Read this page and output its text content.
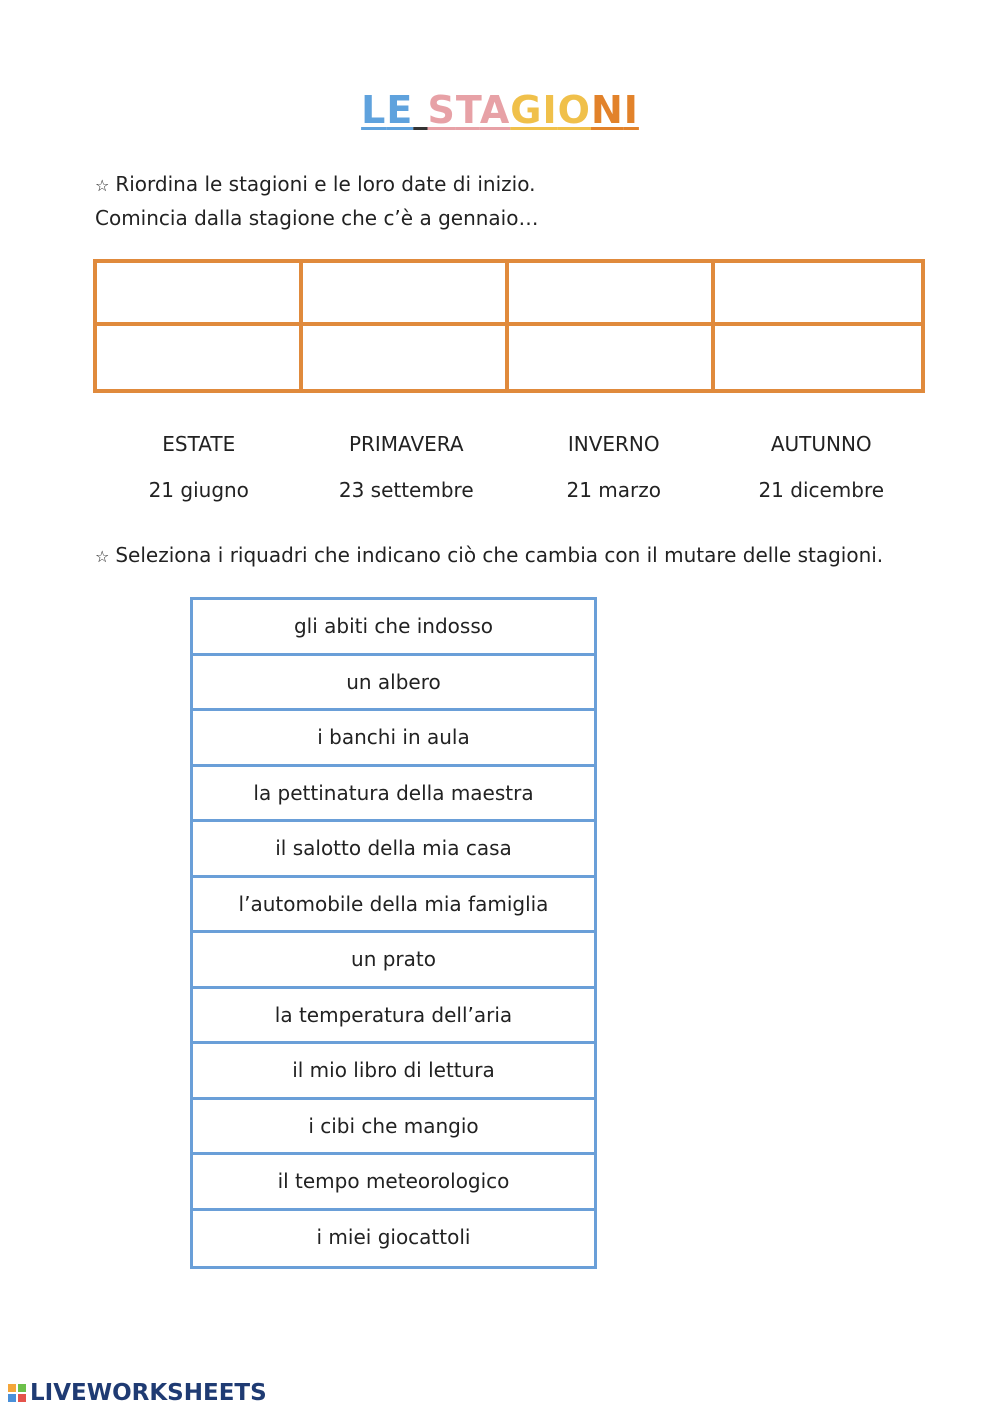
LE STAGIONI

☆ Riordina le stagioni e le loro date di inizio.

Comincia dalla stagione che c’è a gennaio…

ESTATE	PRIMAVERA	INVERNO	AUTUNNO
21 giugno	23 settembre	21 marzo	21 dicembre

☆ Seleziona i riquadri che indicano ciò che cambia con il mutare delle stagioni.

gli abiti che indosso
un albero
i banchi in aula
la pettinatura della maestra
il salotto della mia casa
l’automobile della mia famiglia
un prato
la temperatura dell’aria
il mio libro di lettura
i cibi che mangio
il tempo meteorologico
i miei giocattoli
LIVEWORKSHEETS
